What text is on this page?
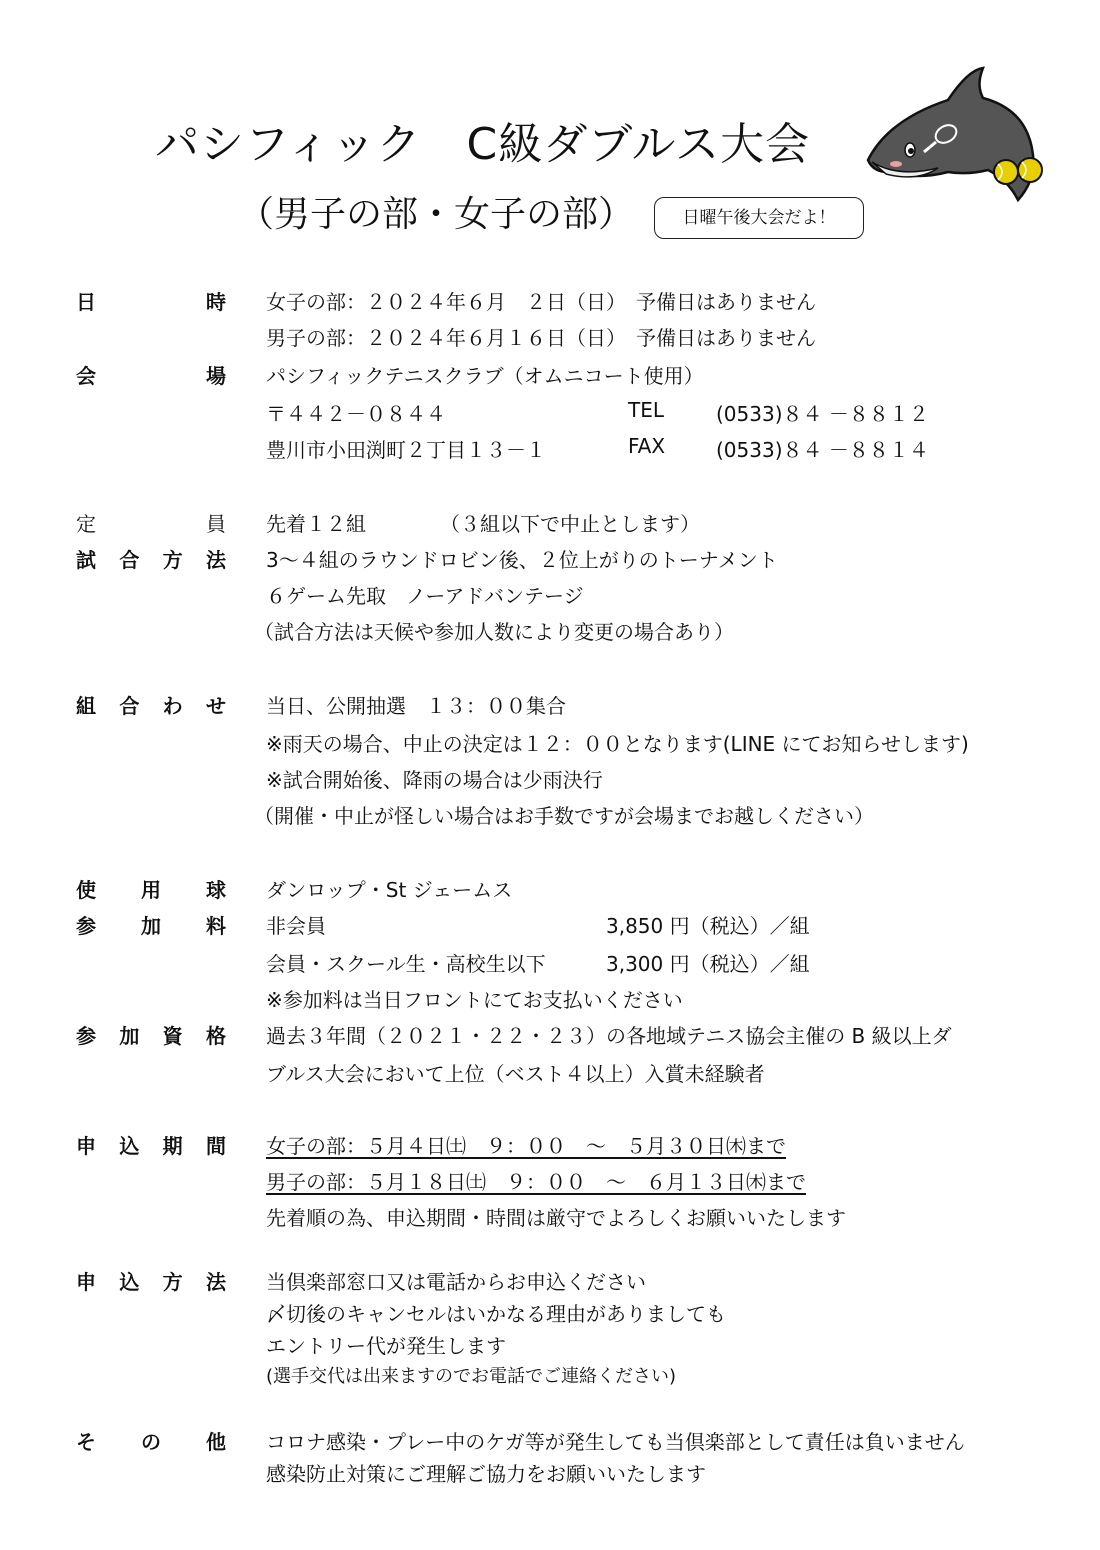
パシフィック　C級ダブルス大会
（男子の部・女子の部）	日曜午後大会だよ！
日	時 女子の部：２０２４年６月　２日（日）　予備日はありません
男子の部：２０２４年６月１６日（日）　予備日はありません
会	場 パシフィックテニスクラブ（オムニコート使用）
〒４４２－０８４４	TEL	(0533)８４ －８８１２
豊川市小田渕町２丁目１３－１	FAX	(0533)８４ －８８１４
定	員 先着１２組	（３組以下で中止とします）
試 合 方 法 3～４組のラウンドロビン後、２位上がりのトーナメント
６ゲーム先取　ノーアドバンテージ
（試合方法は天候や参加人数により変更の場合あり）
組 合 わ せ 当日、公開抽選　１３：００集合
※雨天の場合、中止の決定は１２：００となります(LINE にてお知らせします)
※試合開始後、降雨の場合は少雨決行
（開催・中止が怪しい場合はお手数ですが会場までお越しください）
使 用 球 ダンロップ・St ジェームス
参 加 料 非会員	3,850 円（税込）／組
会員・スクール生・高校生以下	3,300 円（税込）／組
※参加料は当日フロントにてお支払いください
参 加 資 格 過去３年間（２０２１・２２・２３）の各地域テニス協会主催の B 級以上ダ
ブルス大会において上位（ベスト４以上）入賞未経験者
申 込 期 間 女子の部：５月４日㈯　９：００　～　５月３０日㈭まで
男子の部：５月１８日㈯　９：００　～　６月１３日㈭まで
先着順の為、申込期間・時間は厳守でよろしくお願いいたします
申 込 方 法 当倶楽部窓口又は電話からお申込ください
〆切後のキャンセルはいかなる理由がありましても
エントリー代が発生します
(選手交代は出来ますのでお電話でご連絡ください)
そ の 他 コロナ感染・プレー中のケガ等が発生しても当倶楽部として責任は負いません
感染防止対策にご理解ご協力をお願いいたします
